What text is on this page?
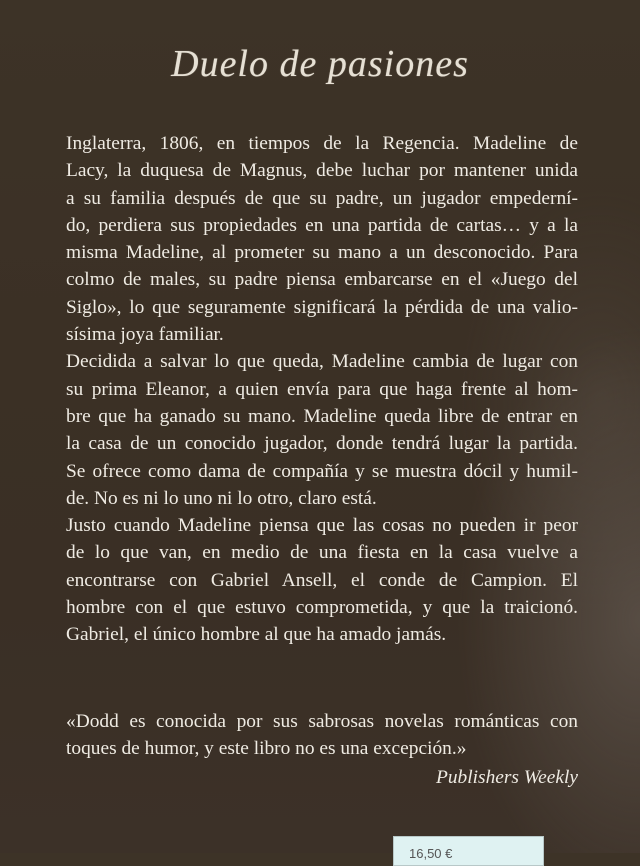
Duelo de pasiones
Inglaterra, 1806, en tiempos de la Regencia. Madeline de
Lacy, la duquesa de Magnus, debe luchar por mantener unida
a su familia después de que su padre, un jugador empederní-
do, perdiera sus propiedades en una partida de cartas… y a la
misma Madeline, al prometer su mano a un desconocido. Para
colmo de males, su padre piensa embarcarse en el «Juego del
Siglo», lo que seguramente significará la pérdida de una valio-
sísima joya familiar.
Decidida a salvar lo que queda, Madeline cambia de lugar con
su prima Eleanor, a quien envía para que haga frente al hom-
bre que ha ganado su mano. Madeline queda libre de entrar en
la casa de un conocido jugador, donde tendrá lugar la partida.
Se ofrece como dama de compañía y se muestra dócil y humil-
de. No es ni lo uno ni lo otro, claro está.
Justo cuando Madeline piensa que las cosas no pueden ir peor
de lo que van, en medio de una fiesta en la casa vuelve a
encontrarse con Gabriel Ansell, el conde de Campion. El
hombre con el que estuvo comprometida, y que la traicionó.
Gabriel, el único hombre al que ha amado jamás.
«Dodd es conocida por sus sabrosas novelas románticas con
toques de humor, y este libro no es una excepción.»
Publishers Weekly
16,50 €
